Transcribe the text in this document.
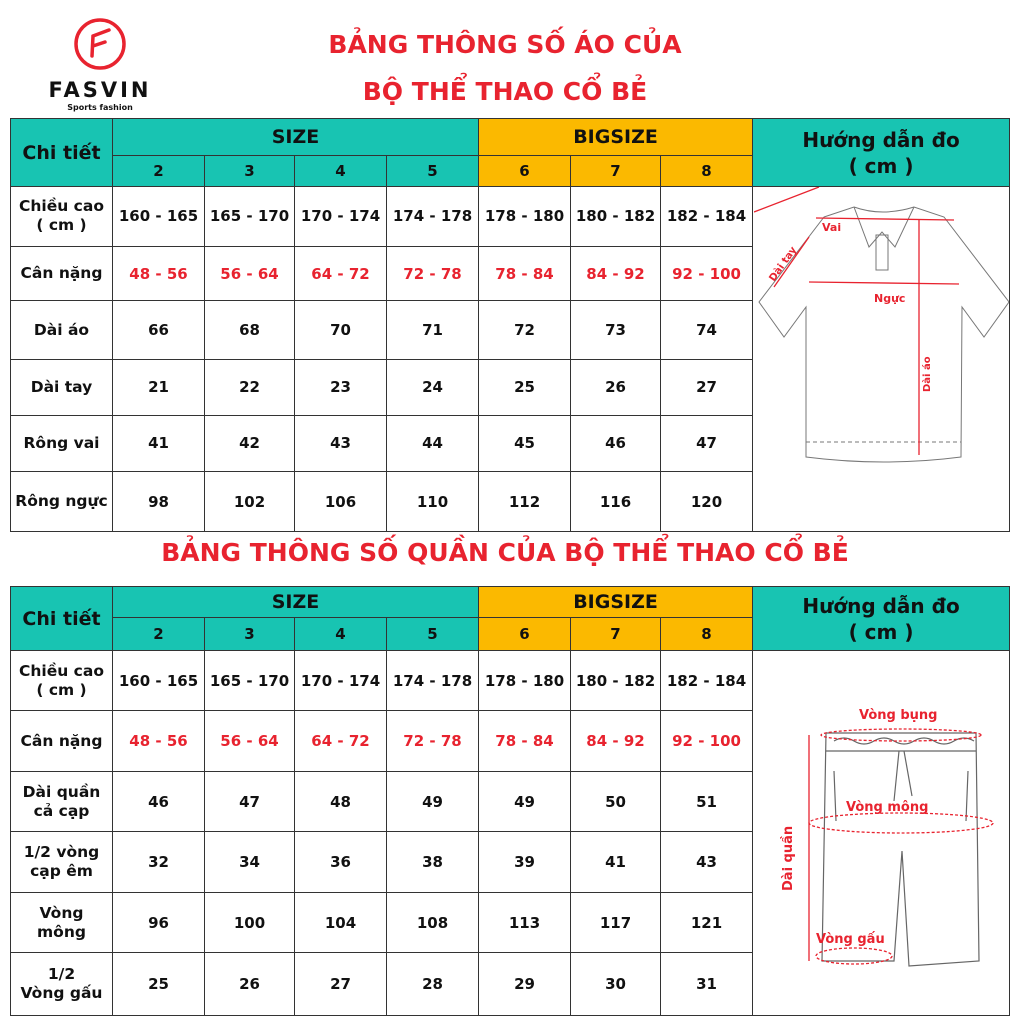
FASVIN
Sports fashion
BẢNG THÔNG SỐ ÁO CỦA
BỘ THỂ THAO CỔ BẺ
BẢNG THÔNG SỐ QUẦN CỦA BỘ THỂ THAO CỔ BẺ
Chi tiết	SIZE				BIGSIZE			Hướng dẫn đo
( cm )

	2	3	4	5	6	7	8	
Chiều cao
( cm )	160 - 165	165 - 170	170 - 174	174 - 178	178 - 180	180 - 182	182 - 184	Vai
Ngực
Dài tay
Dài áo

Cân nặng	48 - 56	56 - 64	64 - 72	72 - 78	78 - 84	84 - 92	92 - 100	
Dài áo	66	68	70	71	72	73	74	
Dài tay	21	22	23	24	25	26	27	
Rông vai	41	42	43	44	45	46	47	
Rông ngực	98	102	106	110	112	116	120	
Chi tiết	SIZE				BIGSIZE			Hướng dẫn đo
( cm )

	2	3	4	5	6	7	8	
Chiều cao
( cm )	160 - 165	165 - 170	170 - 174	174 - 178	178 - 180	180 - 182	182 - 184	Vòng bụng
Vòng mông
Vòng gấu
Dài quần

Cân nặng	48 - 56	56 - 64	64 - 72	72 - 78	78 - 84	84 - 92	92 - 100	
Dài quần
cả cạp	46	47	48	49	49	50	51	
1/2 vòng
cạp êm	32	34	36	38	39	41	43	
Vòng
mông	96	100	104	108	113	117	121	
1/2
Vòng gấu	25	26	27	28	29	30	31	
